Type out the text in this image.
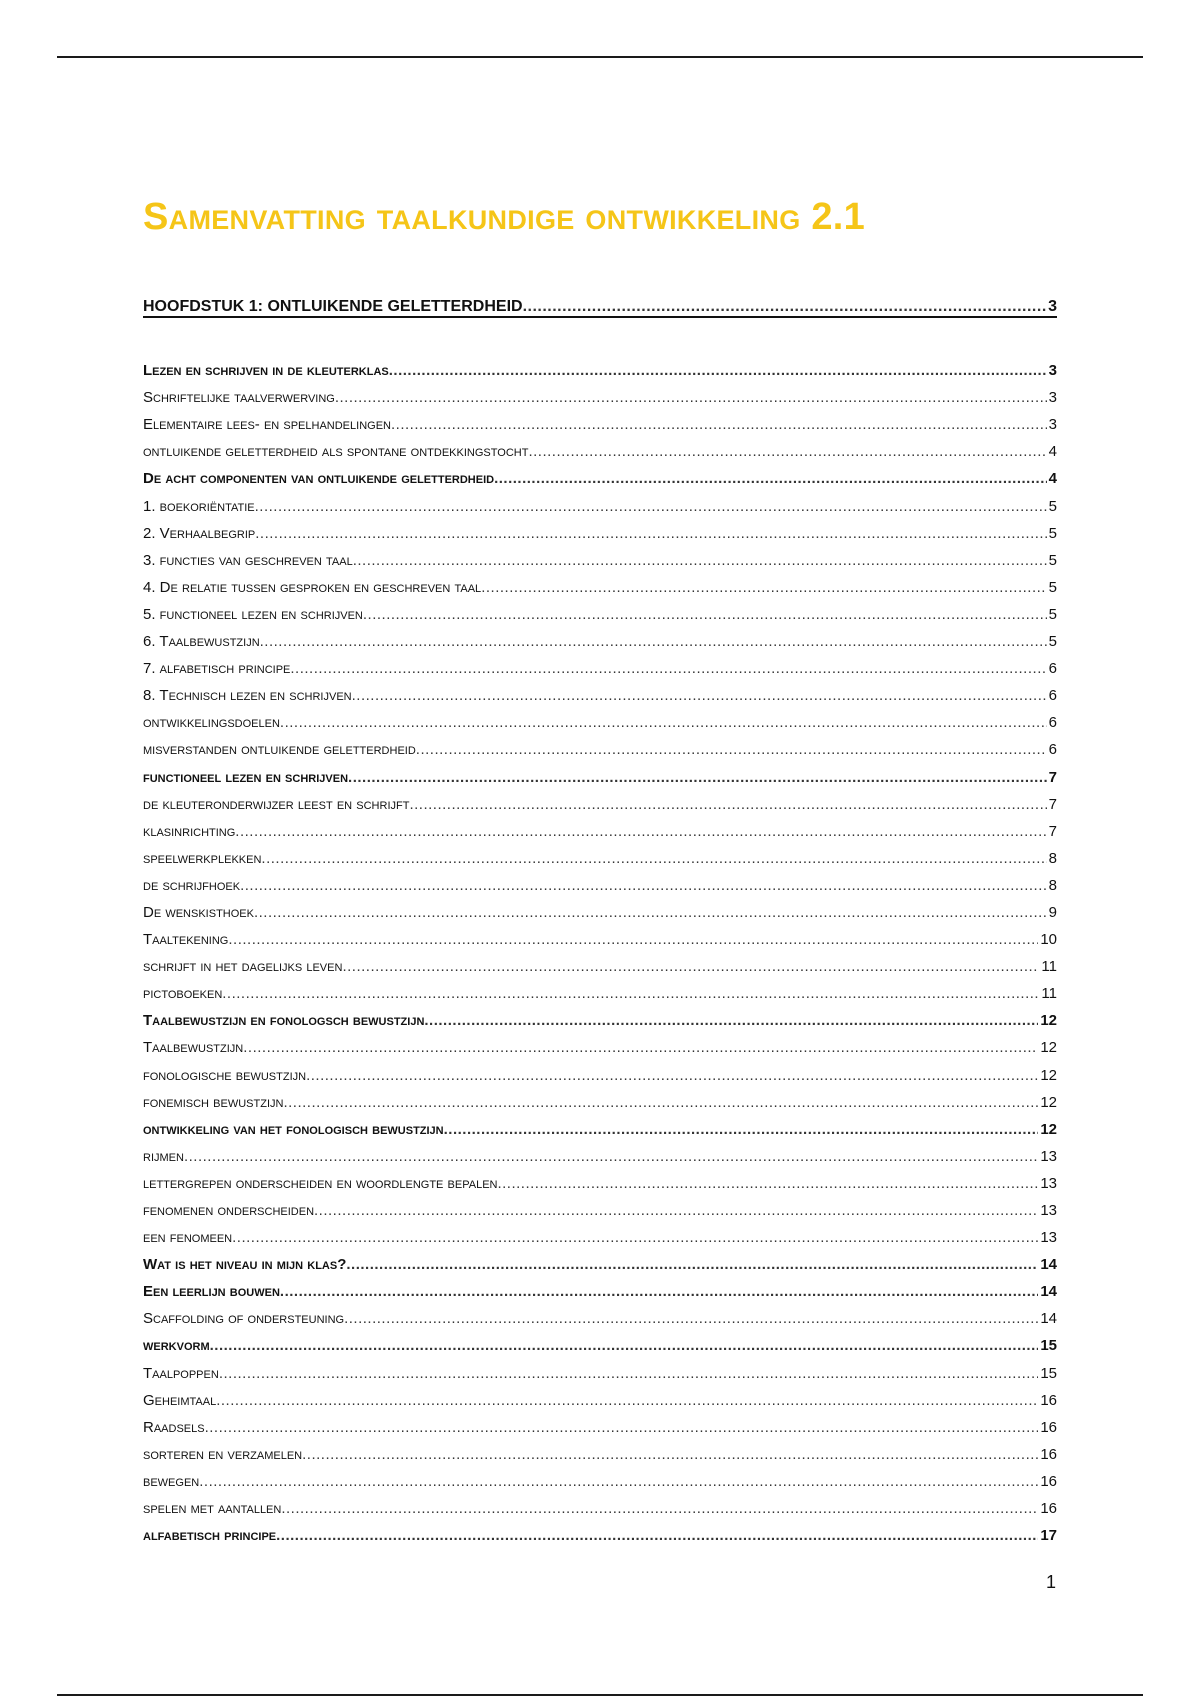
Samenvatting taalkundige ontwikkeling 2.1
HOOFDSTUK 1: ONTLUIKENDE GELETTERDHEID .....	3
Lezen en schrijven in de kleuterklas .....	3
Schriftelijke taalverwerving .....	3
Elementaire lees- en spelhandelingen .....	3
ontluikende geletterdheid als spontane ontdekkingstocht .....	4
De acht componenten van ontluikende geletterdheid .....	4
1. boekoriëntatie .....	5
2. Verhaalbegrip .....	5
3. functies van geschreven taal .....	5
4. De relatie tussen gesproken en geschreven taal .....	5
5. functioneel lezen en schrijven .....	5
6. Taalbewustzijn .....	5
7. alfabetisch principe .....	6
8. Technisch lezen en schrijven .....	6
ontwikkelingsdoelen .....	6
misverstanden ontluikende geletterdheid .....	6
functioneel lezen en schrijven .....	7
de kleuteronderwijzer leest en schrijft .....	7
klasinrichting .....	7
speelwerkplekken .....	8
de schrijfhoek .....	8
De wenskisthoek .....	9
Taaltekening .....	10
schrijft in het dagelijks leven .....	11
pictoboeken .....	11
Taalbewustzijn en fonologsch bewustzijn .....	12
Taalbewustzijn .....	12
fonologische bewustzijn .....	12
fonemisch bewustzijn .....	12
ontwikkeling van het fonologisch bewustzijn .....	12
rijmen .....	13
lettergrepen onderscheiden en woordlengte bepalen .....	13
fenomenen onderscheiden .....	13
een fenomeen .....	13
Wat is het niveau in mijn klas? .....	14
Een leerlijn bouwen .....	14
Scaffolding of ondersteuning .....	14
werkvorm .....	15
Taalpoppen .....	15
Geheimtaal .....	16
Raadsels .....	16
sorteren en verzamelen .....	16
bewegen .....	16
spelen met aantallen .....	16
alfabetisch principe .....	17
1
